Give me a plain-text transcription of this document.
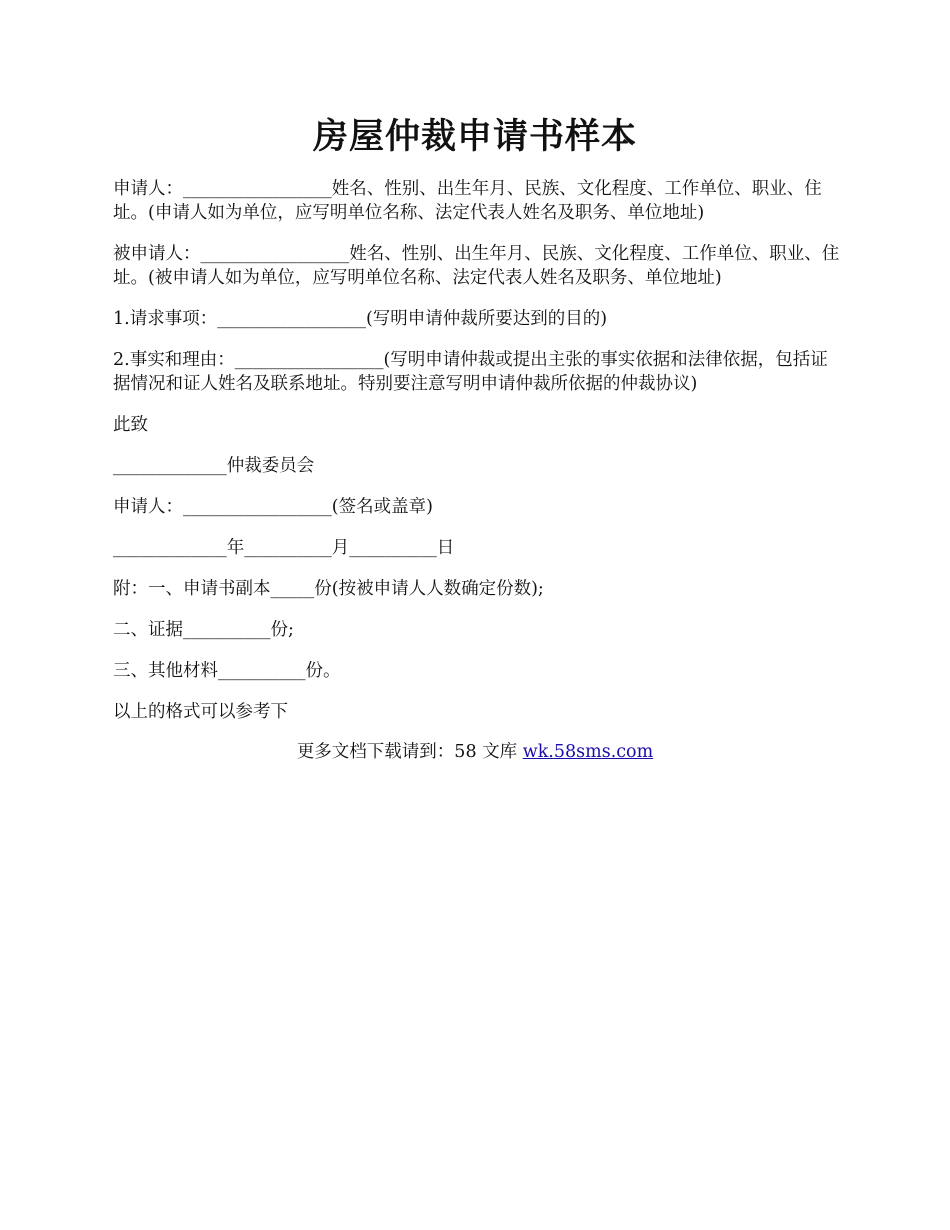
房屋仲裁申请书样本

申请人：_________________姓名、性别、出生年月、民族、文化程度、工作单位、职业、住址。(申请人如为单位，应写明单位名称、法定代表人姓名及职务、单位地址)

被申请人：_________________姓名、性别、出生年月、民族、文化程度、工作单位、职业、住址。(被申请人如为单位，应写明单位名称、法定代表人姓名及职务、单位地址)

1.请求事项：_________________(写明申请仲裁所要达到的目的)

2.事实和理由：_________________(写明申请仲裁或提出主张的事实依据和法律依据，包括证据情况和证人姓名及联系地址。特别要注意写明申请仲裁所依据的仲裁协议)

此致

_____________仲裁委员会

申请人：_________________(签名或盖章)

_____________年__________月__________日

附：一、申请书副本_____份(按被申请人人数确定份数);

二、证据__________份;

三、其他材料__________份。

以上的格式可以参考下

更多文档下载请到：58 文库 wk.58sms.com
